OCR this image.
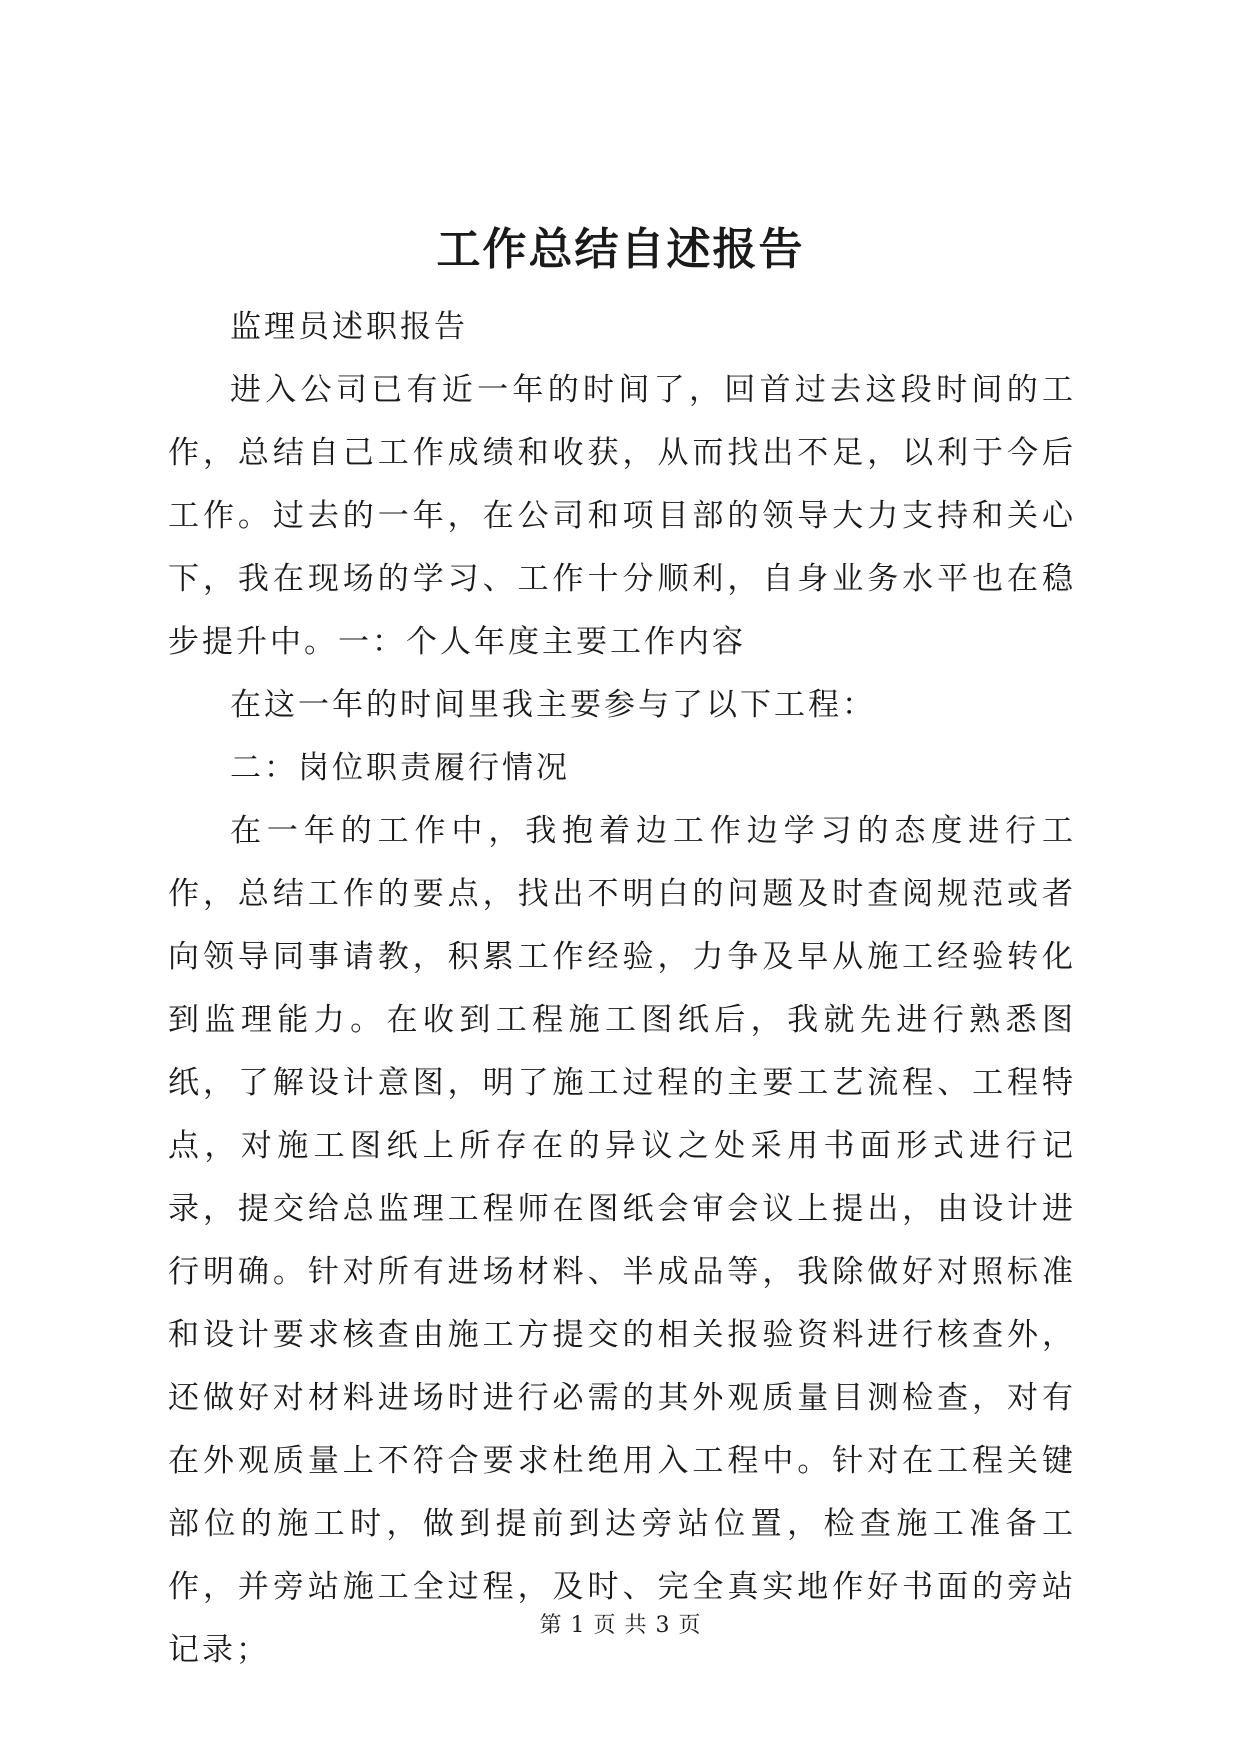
工作总结自述报告

监理员述职报告

进入公司已有近一年的时间了，回首过去这段时间的工作，总结自己工作成绩和收获，从而找出不足，以利于今后工作。过去的一年，在公司和项目部的领导大力支持和关心下，我在现场的学习、工作十分顺利，自身业务水平也在稳步提升中。一：个人年度主要工作内容

在这一年的时间里我主要参与了以下工程：

二：岗位职责履行情况

在一年的工作中，我抱着边工作边学习的态度进行工作，总结工作的要点，找出不明白的问题及时查阅规范或者向领导同事请教，积累工作经验，力争及早从施工经验转化到监理能力。在收到工程施工图纸后，我就先进行熟悉图纸，了解设计意图，明了施工过程的主要工艺流程、工程特点，对施工图纸上所存在的异议之处采用书面形式进行记录，提交给总监理工程师在图纸会审会议上提出，由设计进行明确。针对所有进场材料、半成品等，我除做好对照标准和设计要求核查由施工方提交的相关报验资料进行核查外，还做好对材料进场时进行必需的其外观质量目测检查，对有在外观质量上不符合要求杜绝用入工程中。针对在工程关键部位的施工时，做到提前到达旁站位置，检查施工准备工作，并旁站施工全过程，及时、完全真实地作好书面的旁站记录；

第 1 页 共 3 页
